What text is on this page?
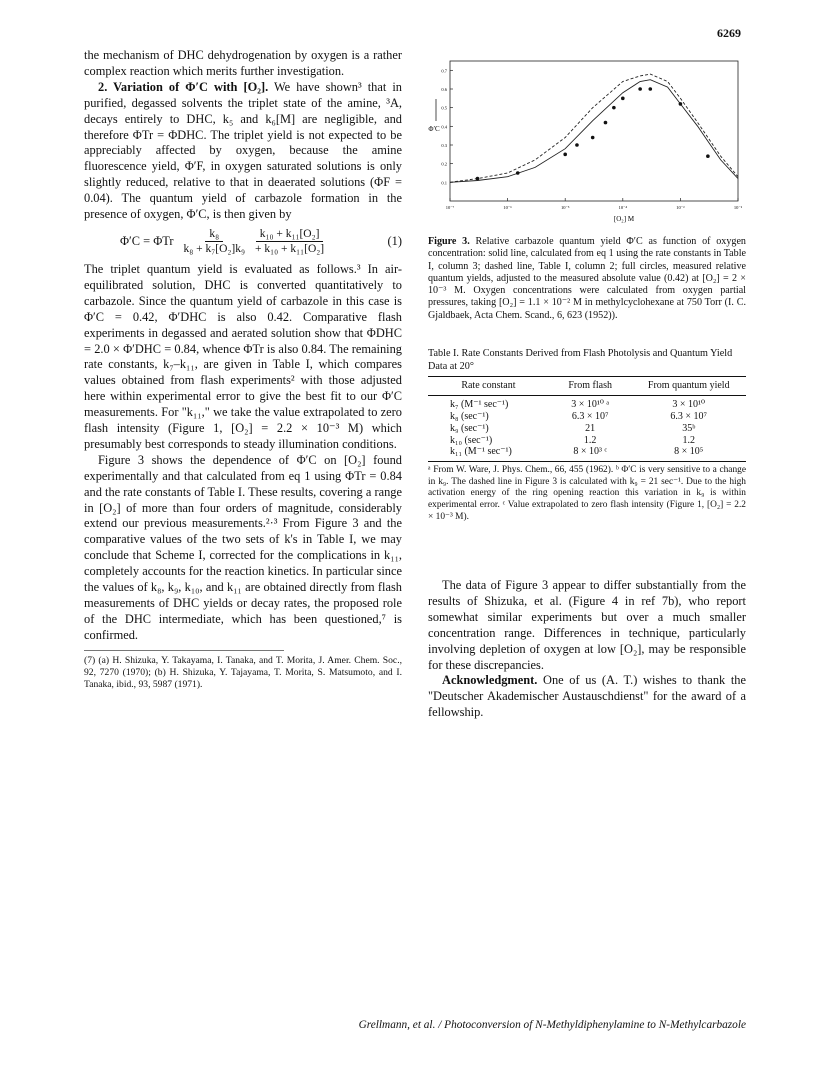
6269

the mechanism of DHC dehydrogenation by oxygen is a rather complex reaction which merits further investigation.

2. Variation of Φ′C with [O₂]. We have shown³ that in purified, degassed solvents the triplet state of the amine, ³A, decays entirely to DHC, k₅ and k₆[M] are negligible, and therefore ΦTr = ΦDHC. The triplet yield is not expected to be appreciably affected by oxygen, because the amine fluorescence yield, Φ′F, in oxygen saturated solutions is only slightly reduced, relative to that in deaerated solutions (ΦF = 0.04). The quantum yield of carbazole formation in the presence of oxygen, Φ′C, is then given by

Φ′C = ΦTr $\frac{\text{k₈}}{\text{k₈ + k₇[O₂]k₉}} \frac{\text{k₁₀ + k₁₁[O₂]}}{\text{+ k₁₀ + k₁₁[O₂]}}$	(1)

The triplet quantum yield is evaluated as follows.³ In air-equilibrated solution, DHC is converted quantitatively to carbazole. Since the quantum yield of carbazole in this case is Φ′C = 0.42, Φ′DHC is also 0.42. Comparative flash experiments in degassed and aerated solution show that ΦDHC = 2.0 × Φ′DHC = 0.84, whence ΦTr is also 0.84. The remaining rate constants, k₇–k₁₁, are given in Table I, which compares values obtained from flash experiments² with those adjusted here within experimental error to give the best fit to our Φ′C measurements. For "k₁₁," we take the value extrapolated to zero flash intensity (Figure 1, [O₂] = 2.2 × 10⁻³ M) which presumably best corresponds to steady illumination conditions.

Figure 3 shows the dependence of Φ′C on [O₂] found experimentally and that calculated from eq 1 using ΦTr = 0.84 and the rate constants of Table I. These results, covering a range in [O₂] of more than four orders of magnitude, considerably extend our previous measurements.²·³ From Figure 3 and the comparative values of the two sets of k's in Table I, we may conclude that Scheme I, corrected for the complications in k₁₁, completely accounts for the reaction kinetics. In particular since the values of k₈, k₉, k₁₀, and k₁₁ are obtained directly from flash measurements of DHC yields or decay rates, the proposed role of the DHC intermediate, which has been questioned,⁷ is confirmed.

(7) (a) H. Shizuka, Y. Takayama, I. Tanaka, and T. Morita, J. Amer. Chem. Soc., 92, 7270 (1970); (b) H. Shizuka, Y. Tajayama, T. Morita, S. Matsumoto, and I. Tanaka, ibid., 93, 5987 (1971).

0.7
0.6
0.5
0.4
0.3
0.2
0.1
10⁻⁷	10⁻⁶	10⁻⁵	10⁻⁴	10⁻³	10⁻²
Φ′C
[O₂] M
Figure 3. Relative carbazole quantum yield Φ′C as function of oxygen concentration: solid line, calculated from eq 1 using the rate constants in Table I, column 3; dashed line, Table I, column 2; full circles, measured relative quantum yields, adjusted to the measured absolute value (0.42) at [O₂] = 2 × 10⁻³ M. Oxygen concentrations were calculated from oxygen partial pressures, taking [O₂] = 1.1 × 10⁻² M in methylcyclohexane at 750 Torr (I. C. Gjaldbaek, Acta Chem. Scand., 6, 623 (1952)).
Table I. Rate Constants Derived from Flash Photolysis and Quantum Yield Data at 20°
Rate constant	From flash	From quantum yield
k₇ (M⁻¹ sec⁻¹)	3 × 10¹⁰ ᵃ	3 × 10¹⁰
k₈ (sec⁻¹)	6.3 × 10⁷	6.3 × 10⁷
k₉ (sec⁻¹)	21	35ᵇ
k₁₀ (sec⁻¹)	1.2	1.2
k₁₁ (M⁻¹ sec⁻¹)	8 × 10³ ᶜ	8 × 10⁵
ᵃ From W. Ware, J. Phys. Chem., 66, 455 (1962). ᵇ Φ′C is very sensitive to a change in k₉. The dashed line in Figure 3 is calculated with k₉ = 21 sec⁻¹. Due to the high activation energy of the ring opening reaction this variation in k₉ is within experimental error. ᶜ Value extrapolated to zero flash intensity (Figure 1, [O₂] = 2.2 × 10⁻³ M).

The data of Figure 3 appear to differ substantially from the results of Shizuka, et al. (Figure 4 in ref 7b), who report somewhat similar experiments but over a much smaller concentration range. Differences in technique, particularly involving depletion of oxygen at low [O₂], may be responsible for these discrepancies.

Acknowledgment. One of us (A. T.) wishes to thank the "Deutscher Akademischer Austauschdienst" for the award of a fellowship.

Grellmann, et al. / Photoconversion of N-Methyldiphenylamine to N-Methylcarbazole
